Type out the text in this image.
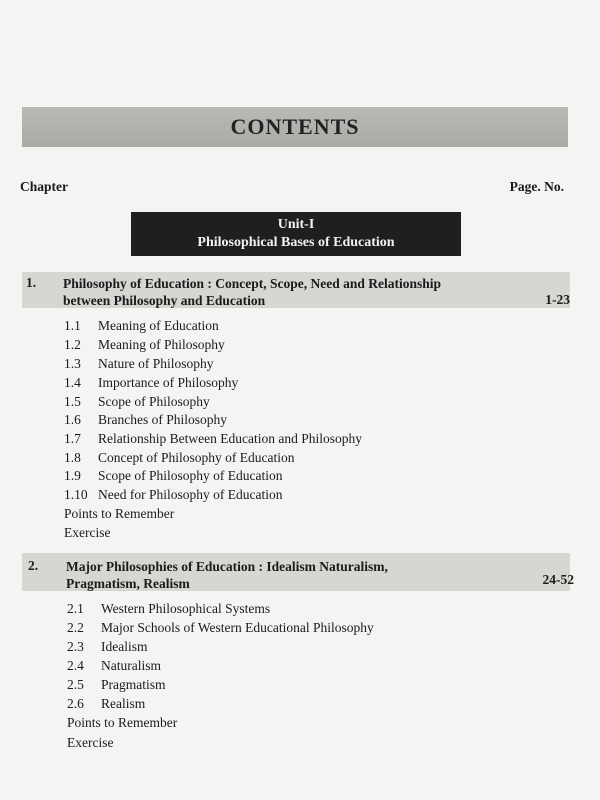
CONTENTS
Chapter	Page. No.
Unit-I
Philosophical Bases of Education
1. Philosophy of Education : Concept, Scope, Need and Relationship
between Philosophy and Education	1-23
1.1 Meaning of Education
1.2 Meaning of Philosophy
1.3 Nature of Philosophy
1.4 Importance of Philosophy
1.5 Scope of Philosophy
1.6 Branches of Philosophy
1.7 Relationship Between Education and Philosophy
1.8 Concept of Philosophy of Education
1.9 Scope of Philosophy of Education
1.10 Need for Philosophy of Education
Points to Remember
Exercise
2. Major Philosophies of Education : Idealism Naturalism,
Pragmatism, Realism	24-52
2.1 Western Philosophical Systems
2.2 Major Schools of Western Educational Philosophy
2.3 Idealism
2.4 Naturalism
2.5 Pragmatism
2.6 Realism
Points to Remember
Exercise
